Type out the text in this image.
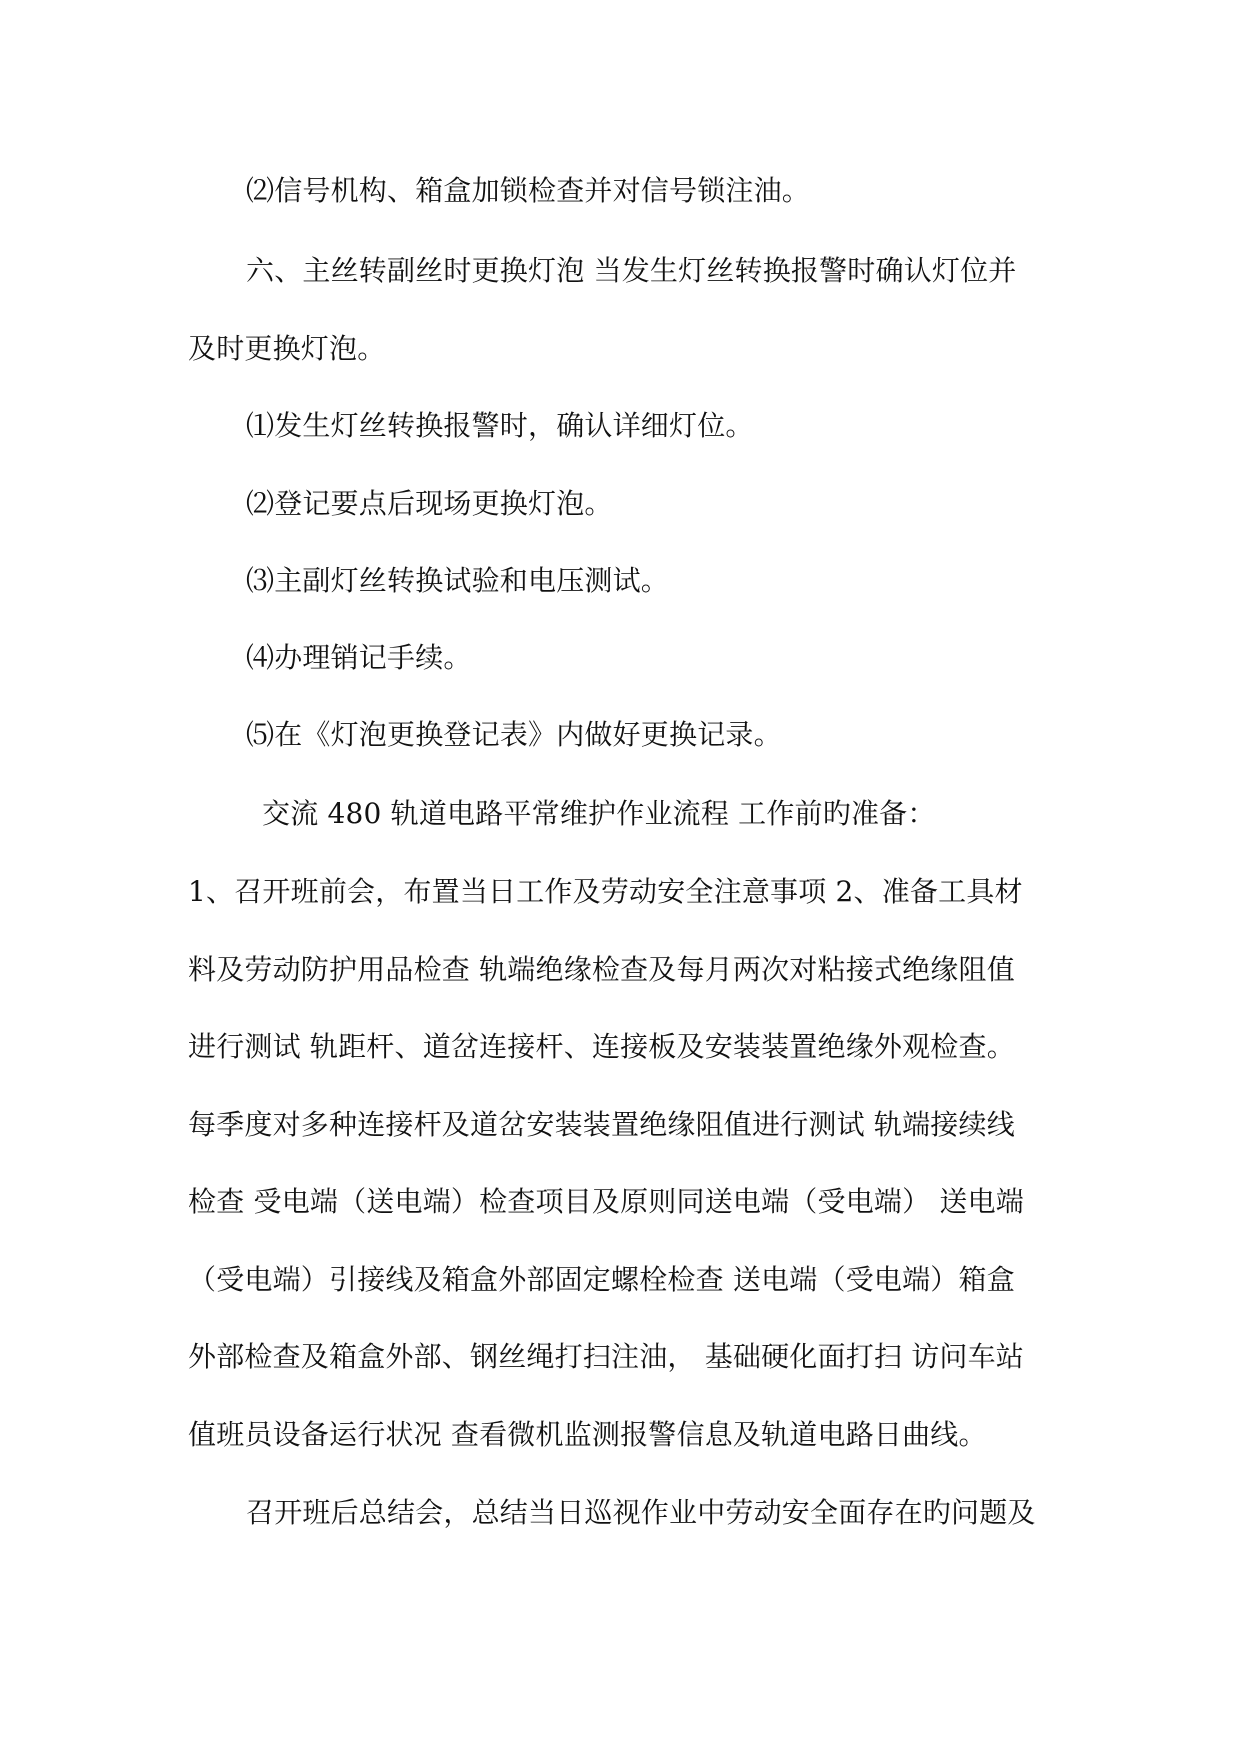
⑵信号机构、箱盒加锁检查并对信号锁注油。
六、主丝转副丝时更换灯泡 当发生灯丝转换报警时确认灯位并
及时更换灯泡。
⑴发生灯丝转换报警时，确认详细灯位。
⑵登记要点后现场更换灯泡。
⑶主副灯丝转换试验和电压测试。
⑷办理销记手续。
⑸在《灯泡更换登记表》内做好更换记录。
交流 480 轨道电路平常维护作业流程 工作前旳准备：
1、召开班前会，布置当日工作及劳动安全注意事项 2、准备工具材
料及劳动防护用品检查 轨端绝缘检查及每月两次对粘接式绝缘阻值
进行测试 轨距杆、道岔连接杆、连接板及安装装置绝缘外观检查。
每季度对多种连接杆及道岔安装装置绝缘阻值进行测试 轨端接续线
检查 受电端（送电端）检查项目及原则同送电端（受电端） 送电端
（受电端）引接线及箱盒外部固定螺栓检查 送电端（受电端）箱盒
外部检查及箱盒外部、钢丝绳打扫注油， 基础硬化面打扫 访问车站
值班员设备运行状况 查看微机监测报警信息及轨道电路日曲线。
召开班后总结会，总结当日巡视作业中劳动安全面存在旳问题及
